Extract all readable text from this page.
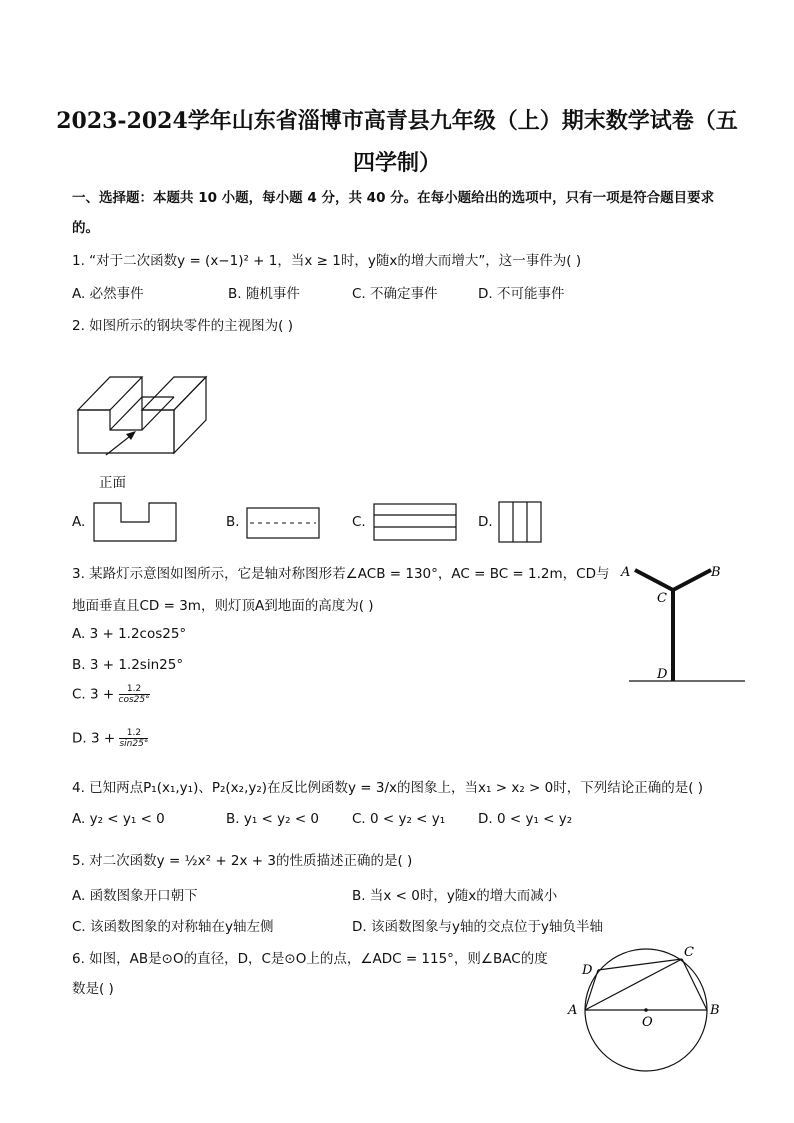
2023-2024学年山东省淄博市高青县九年级（上）期末数学试卷（五
四学制）
一、选择题：本题共 10 小题，每小题 4 分，共 40 分。在每小题给出的选项中，只有一项是符合题目要求
的。
1. “对于二次函数y = (x−1)² + 1，当x ≥ 1时，y随x的增大而增大”，这一事件为( )
A. 必然事件	B. 随机事件	C. 不确定事件	D. 不可能事件
2. 如图所示的钢块零件的主视图为( )
正面
A.	B.	C.	D.
3. 某路灯示意图如图所示，它是轴对称图形若∠ACB = 130°，AC = BC = 1.2m，CD与
地面垂直且CD = 3m，则灯顶A到地面的高度为( )
A. 3 + 1.2cos25°
B. 3 + 1.2sin25°
C. $3 + \frac{1.2}{\cos 25^\circ}$
D. $3 + \frac{1.2}{\sin 25^\circ}$
A	B
C
D
4. 已知两点P₁(x₁,y₁)、P₂(x₂,y₂)在反比例函数y = 3/x的图象上，当x₁ > x₂ > 0时，下列结论正确的是( )
A. y₂ < y₁ < 0	B. y₁ < y₂ < 0 C. 0 < y₂ < y₁ D. 0 < y₁ < y₂
5. 对二次函数y = ½x² + 2x + 3的性质描述正确的是( )
A. 函数图象开口朝下	B. 当x < 0时，y随x的增大而减小
C. 该函数图象的对称轴在y轴左侧	D. 该函数图象与y轴的交点位于y轴负半轴
6. 如图，AB是⊙O的直径，D，C是⊙O上的点，∠ADC = 115°，则∠BAC的度
数是( )
A	B
C
D
O
